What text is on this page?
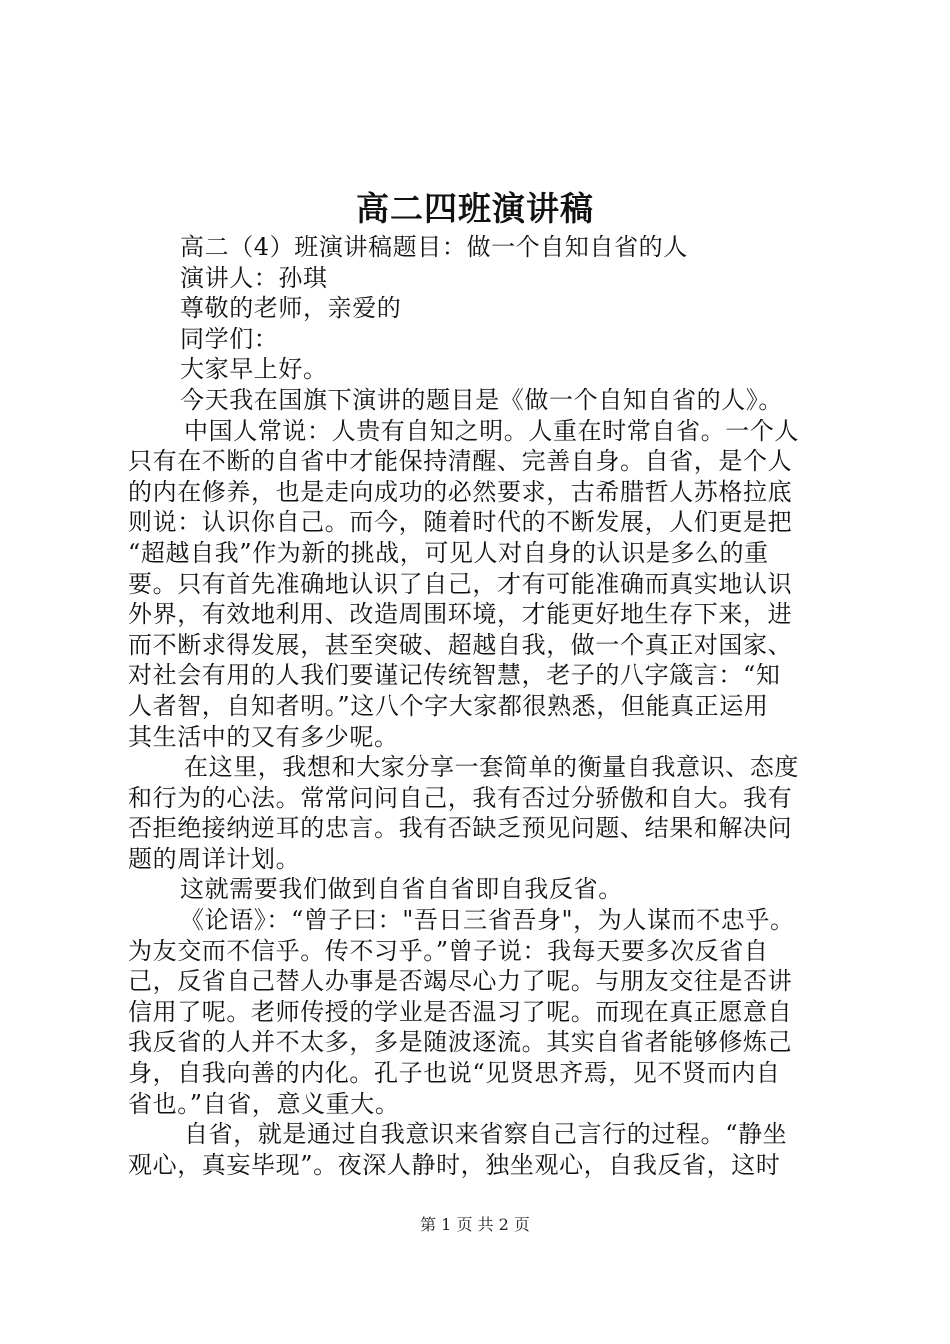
高二四班演讲稿
高二（4）班演讲稿题目：做一个自知自省的人
演讲人：孙琪
尊敬的老师，亲爱的
同学们：
大家早上好。
今天我在国旗下演讲的题目是《做一个自知自省的人》。
中国人常说：人贵有自知之明。人重在时常自省。一个人
只有在不断的自省中才能保持清醒、完善自身。自省，是个人
的内在修养，也是走向成功的必然要求，古希腊哲人苏格拉底
则说：认识你自己。而今，随着时代的不断发展，人们更是把
“超越自我”作为新的挑战，可见人对自身的认识是多么的重
要。只有首先准确地认识了自己，才有可能准确而真实地认识
外界，有效地利用、改造周围环境，才能更好地生存下来，进
而不断求得发展，甚至突破、超越自我，做一个真正对国家、
对社会有用的人我们要谨记传统智慧，老子的八字箴言：“知
人者智，自知者明。”这八个字大家都很熟悉，但能真正运用
其生活中的又有多少呢。
在这里，我想和大家分享一套简单的衡量自我意识、态度
和行为的心法。常常问问自己，我有否过分骄傲和自大。我有
否拒绝接纳逆耳的忠言。我有否缺乏预见问题、结果和解决问
题的周详计划。
这就需要我们做到自省自省即自我反省。
《论语》：“曾子曰："吾日三省吾身"，为人谋而不忠乎。
为友交而不信乎。传不习乎。”曾子说：我每天要多次反省自
己，反省自己替人办事是否竭尽心力了呢。与朋友交往是否讲
信用了呢。老师传授的学业是否温习了呢。而现在真正愿意自
我反省的人并不太多，多是随波逐流。其实自省者能够修炼己
身，自我向善的内化。孔子也说“见贤思齐焉，见不贤而内自
省也。”自省，意义重大。
自省，就是通过自我意识来省察自己言行的过程。“静坐
观心，真妄毕现”。夜深人静时，独坐观心，自我反省，这时
第 1 页 共 2 页
